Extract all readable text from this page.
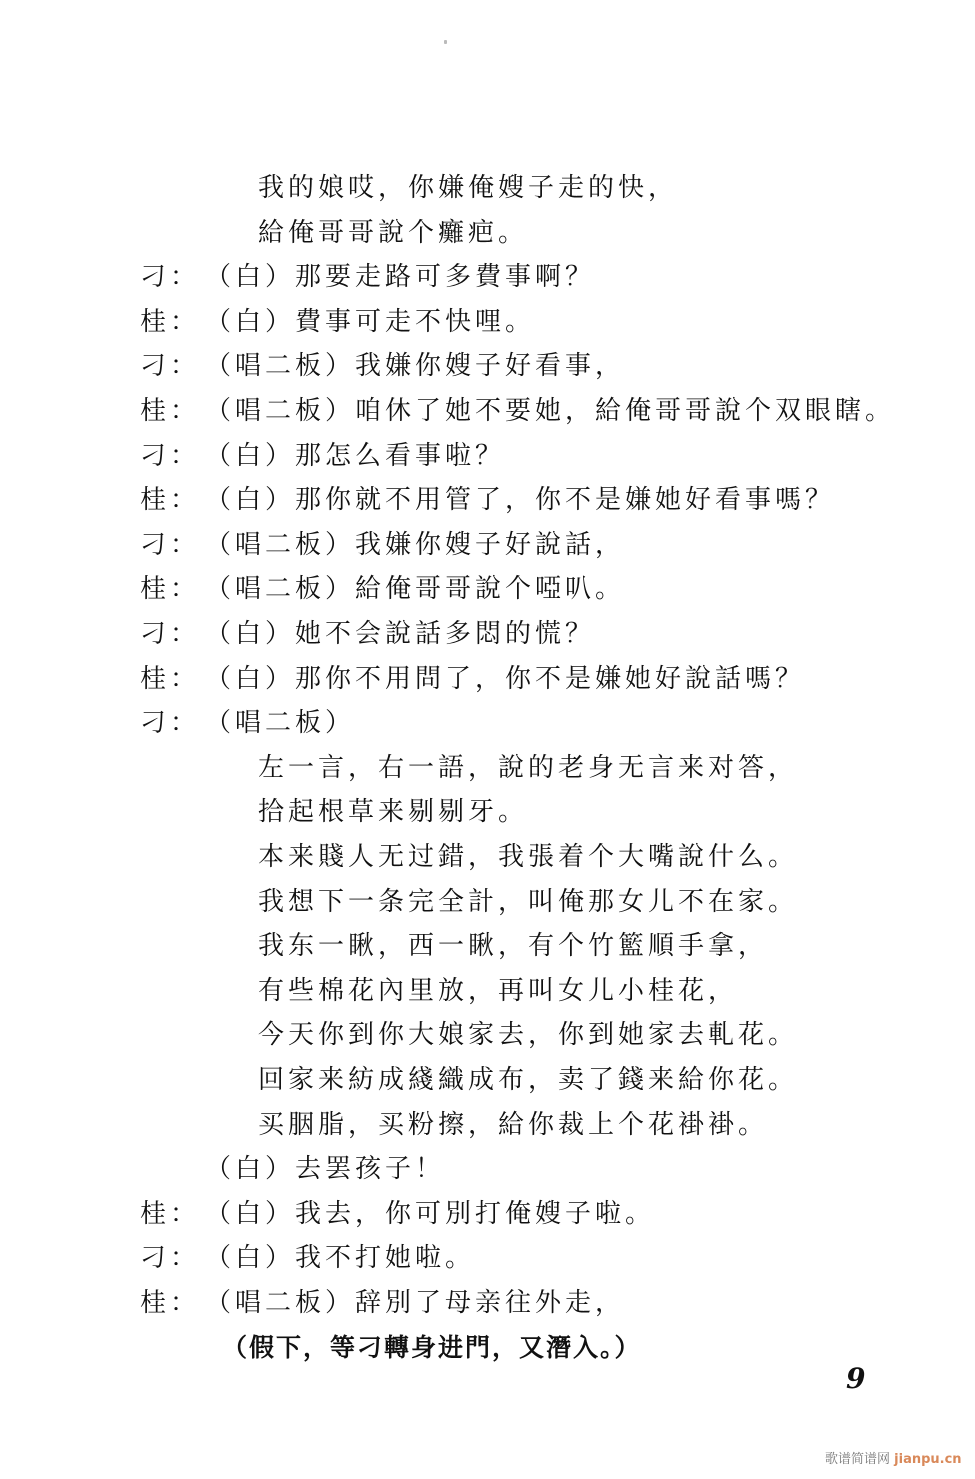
我的娘哎，你嫌俺嫂子走的快，
給俺哥哥說个癱疤。
刁： （白）那要走路可多費事啊？
桂： （白）費事可走不快哩。
刁： （唱二板）我嫌你嫂子好看事，
桂： （唱二板）咱休了她不要她，給俺哥哥說个双眼瞎。
刁： （白）那怎么看事啦？
桂： （白）那你就不用管了，你不是嫌她好看事嗎？
刁： （唱二板）我嫌你嫂子好說話，
桂： （唱二板）給俺哥哥說个啞叭。
刁： （白）她不会說話多悶的慌？
桂： （白）那你不用問了，你不是嫌她好說話嗎？
刁： （唱二板）
左一言，右一語，說的老身无言来对答，
拾起根草来剔剔牙。
本来賤人无过錯，我張着个大嘴說什么。
我想下一条完全計，叫俺那女儿不在家。
我东一瞅，西一瞅，有个竹籃順手拿，
有些棉花內里放，再叫女儿小桂花，
今天你到你大娘家去，你到她家去軋花。
回家来紡成綫織成布，卖了錢来給你花。
买胭脂，买粉擦，給你裁上个花褂褂。
（白）去罢孩子！
桂： （白）我去，你可別打俺嫂子啦。
刁： （白）我不打她啦。
桂： （唱二板）辞別了母亲往外走，
（假下，等刁轉身进門，又潛入。）
9
歌谱简谱网 jianpu.cn
